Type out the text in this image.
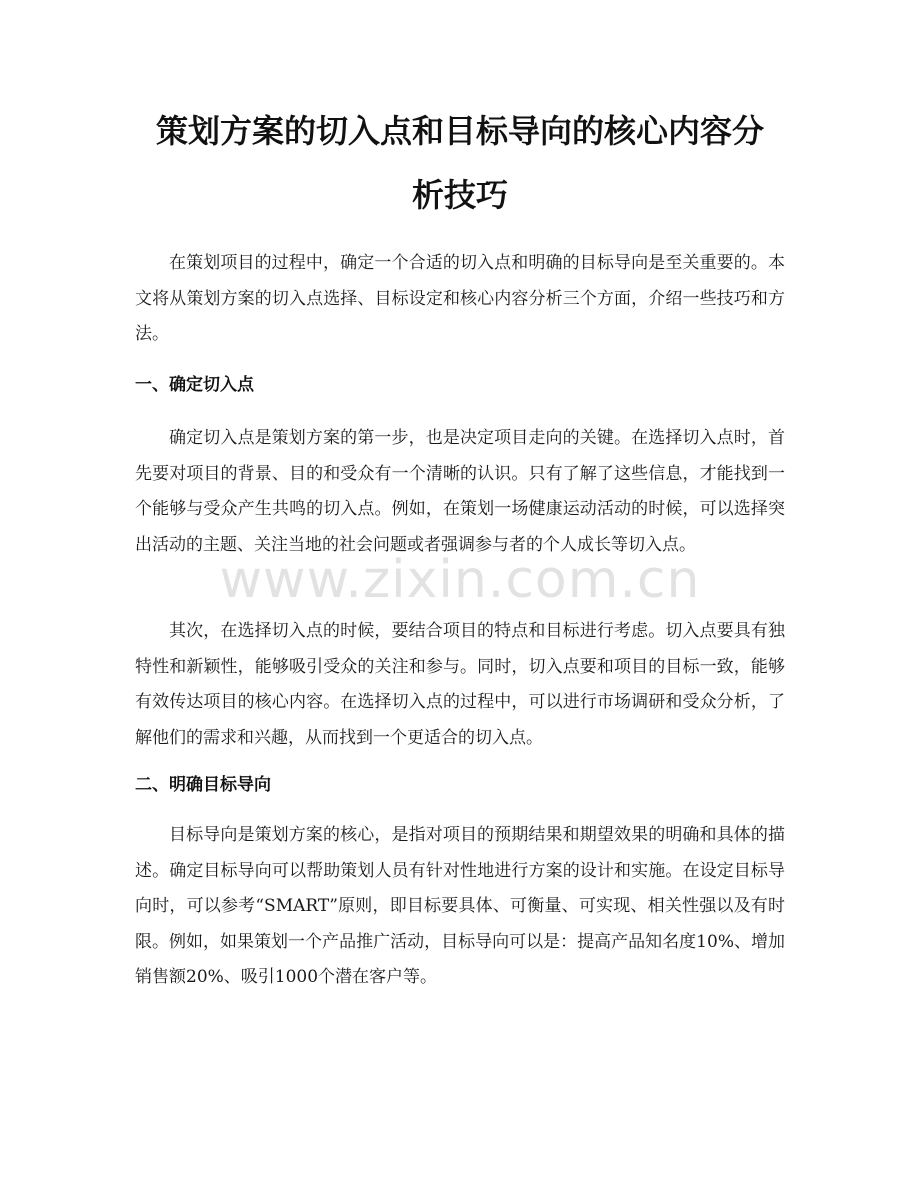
策划方案的切入点和目标导向的核心内容分
析技巧

在策划项目的过程中，确定一个合适的切入点和明确的目标导向是至关重要的。本文将从策划方案的切入点选择、目标设定和核心内容分析三个方面，介绍一些技巧和方法。

一、确定切入点

确定切入点是策划方案的第一步，也是决定项目走向的关键。在选择切入点时，首先要对项目的背景、目的和受众有一个清晰的认识。只有了解了这些信息，才能找到一个能够与受众产生共鸣的切入点。例如，在策划一场健康运动活动的时候，可以选择突出活动的主题、关注当地的社会问题或者强调参与者的个人成长等切入点。

其次，在选择切入点的时候，要结合项目的特点和目标进行考虑。切入点要具有独特性和新颖性，能够吸引受众的关注和参与。同时，切入点要和项目的目标一致，能够有效传达项目的核心内容。在选择切入点的过程中，可以进行市场调研和受众分析，了解他们的需求和兴趣，从而找到一个更适合的切入点。

二、明确目标导向

目标导向是策划方案的核心，是指对项目的预期结果和期望效果的明确和具体的描述。确定目标导向可以帮助策划人员有针对性地进行方案的设计和实施。在设定目标导向时，可以参考“SMART”原则，即目标要具体、可衡量、可实现、相关性强以及有时限。例如，如果策划一个产品推广活动，目标导向可以是：提高产品知名度10%、增加销售额20%、吸引1000个潜在客户等。

www.zixin.com.cn
